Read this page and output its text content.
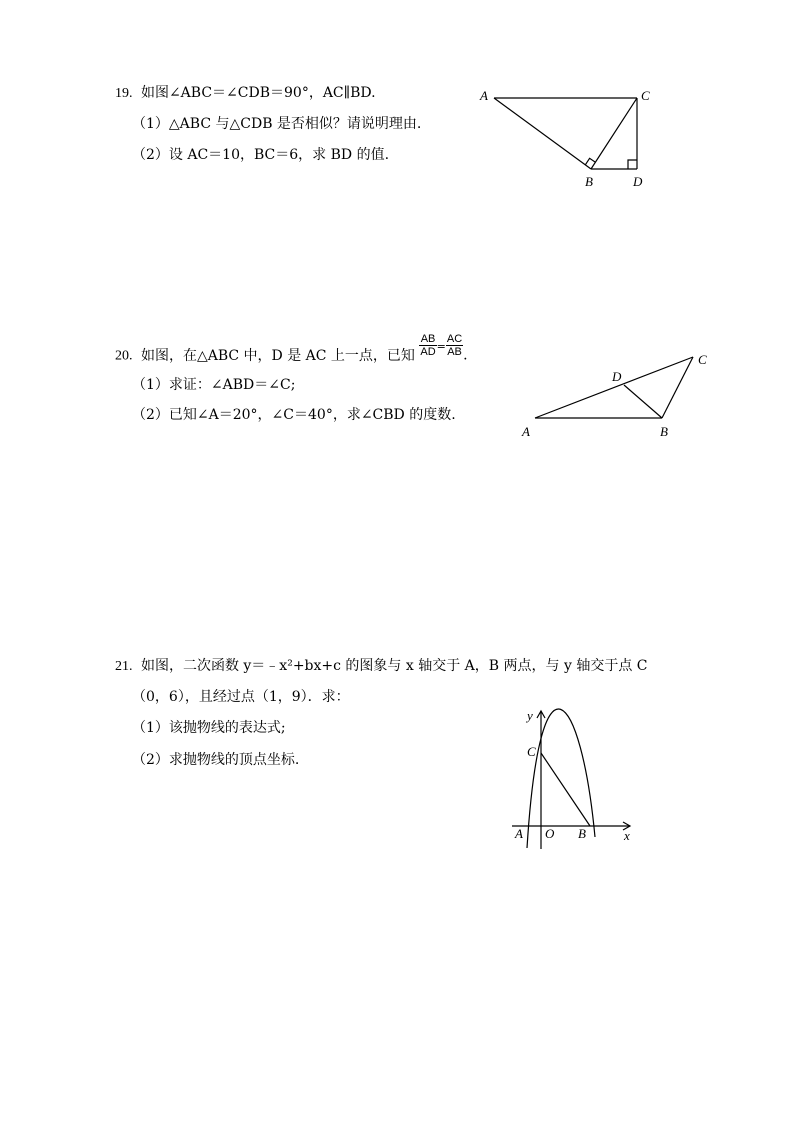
19. 如图∠ABC＝∠CDB＝90°，AC∥BD.
（1）△ABC 与△CDB 是否相似？请说明理由.
（2）设 AC＝10，BC＝6，求 BD 的值.
A	C
B	D
C
D
A	B
y
C
A O B	x
20. 如图，在△ABC 中，D 是 AC 上一点，已知 $\frac{AB}{AD} ^= \frac{AC}{AB}$ .
（1）求证：∠ABD＝∠C;
（2）已知∠A＝20°，∠C＝40°，求∠CBD 的度数.
21. 如图，二次函数 y＝﹣x²+bx+c 的图象与 x 轴交于 A，B 两点，与 y 轴交于点 C
（0，6），且经过点（1，9）．求：
（1）该抛物线的表达式;
（2）求抛物线的顶点坐标.
